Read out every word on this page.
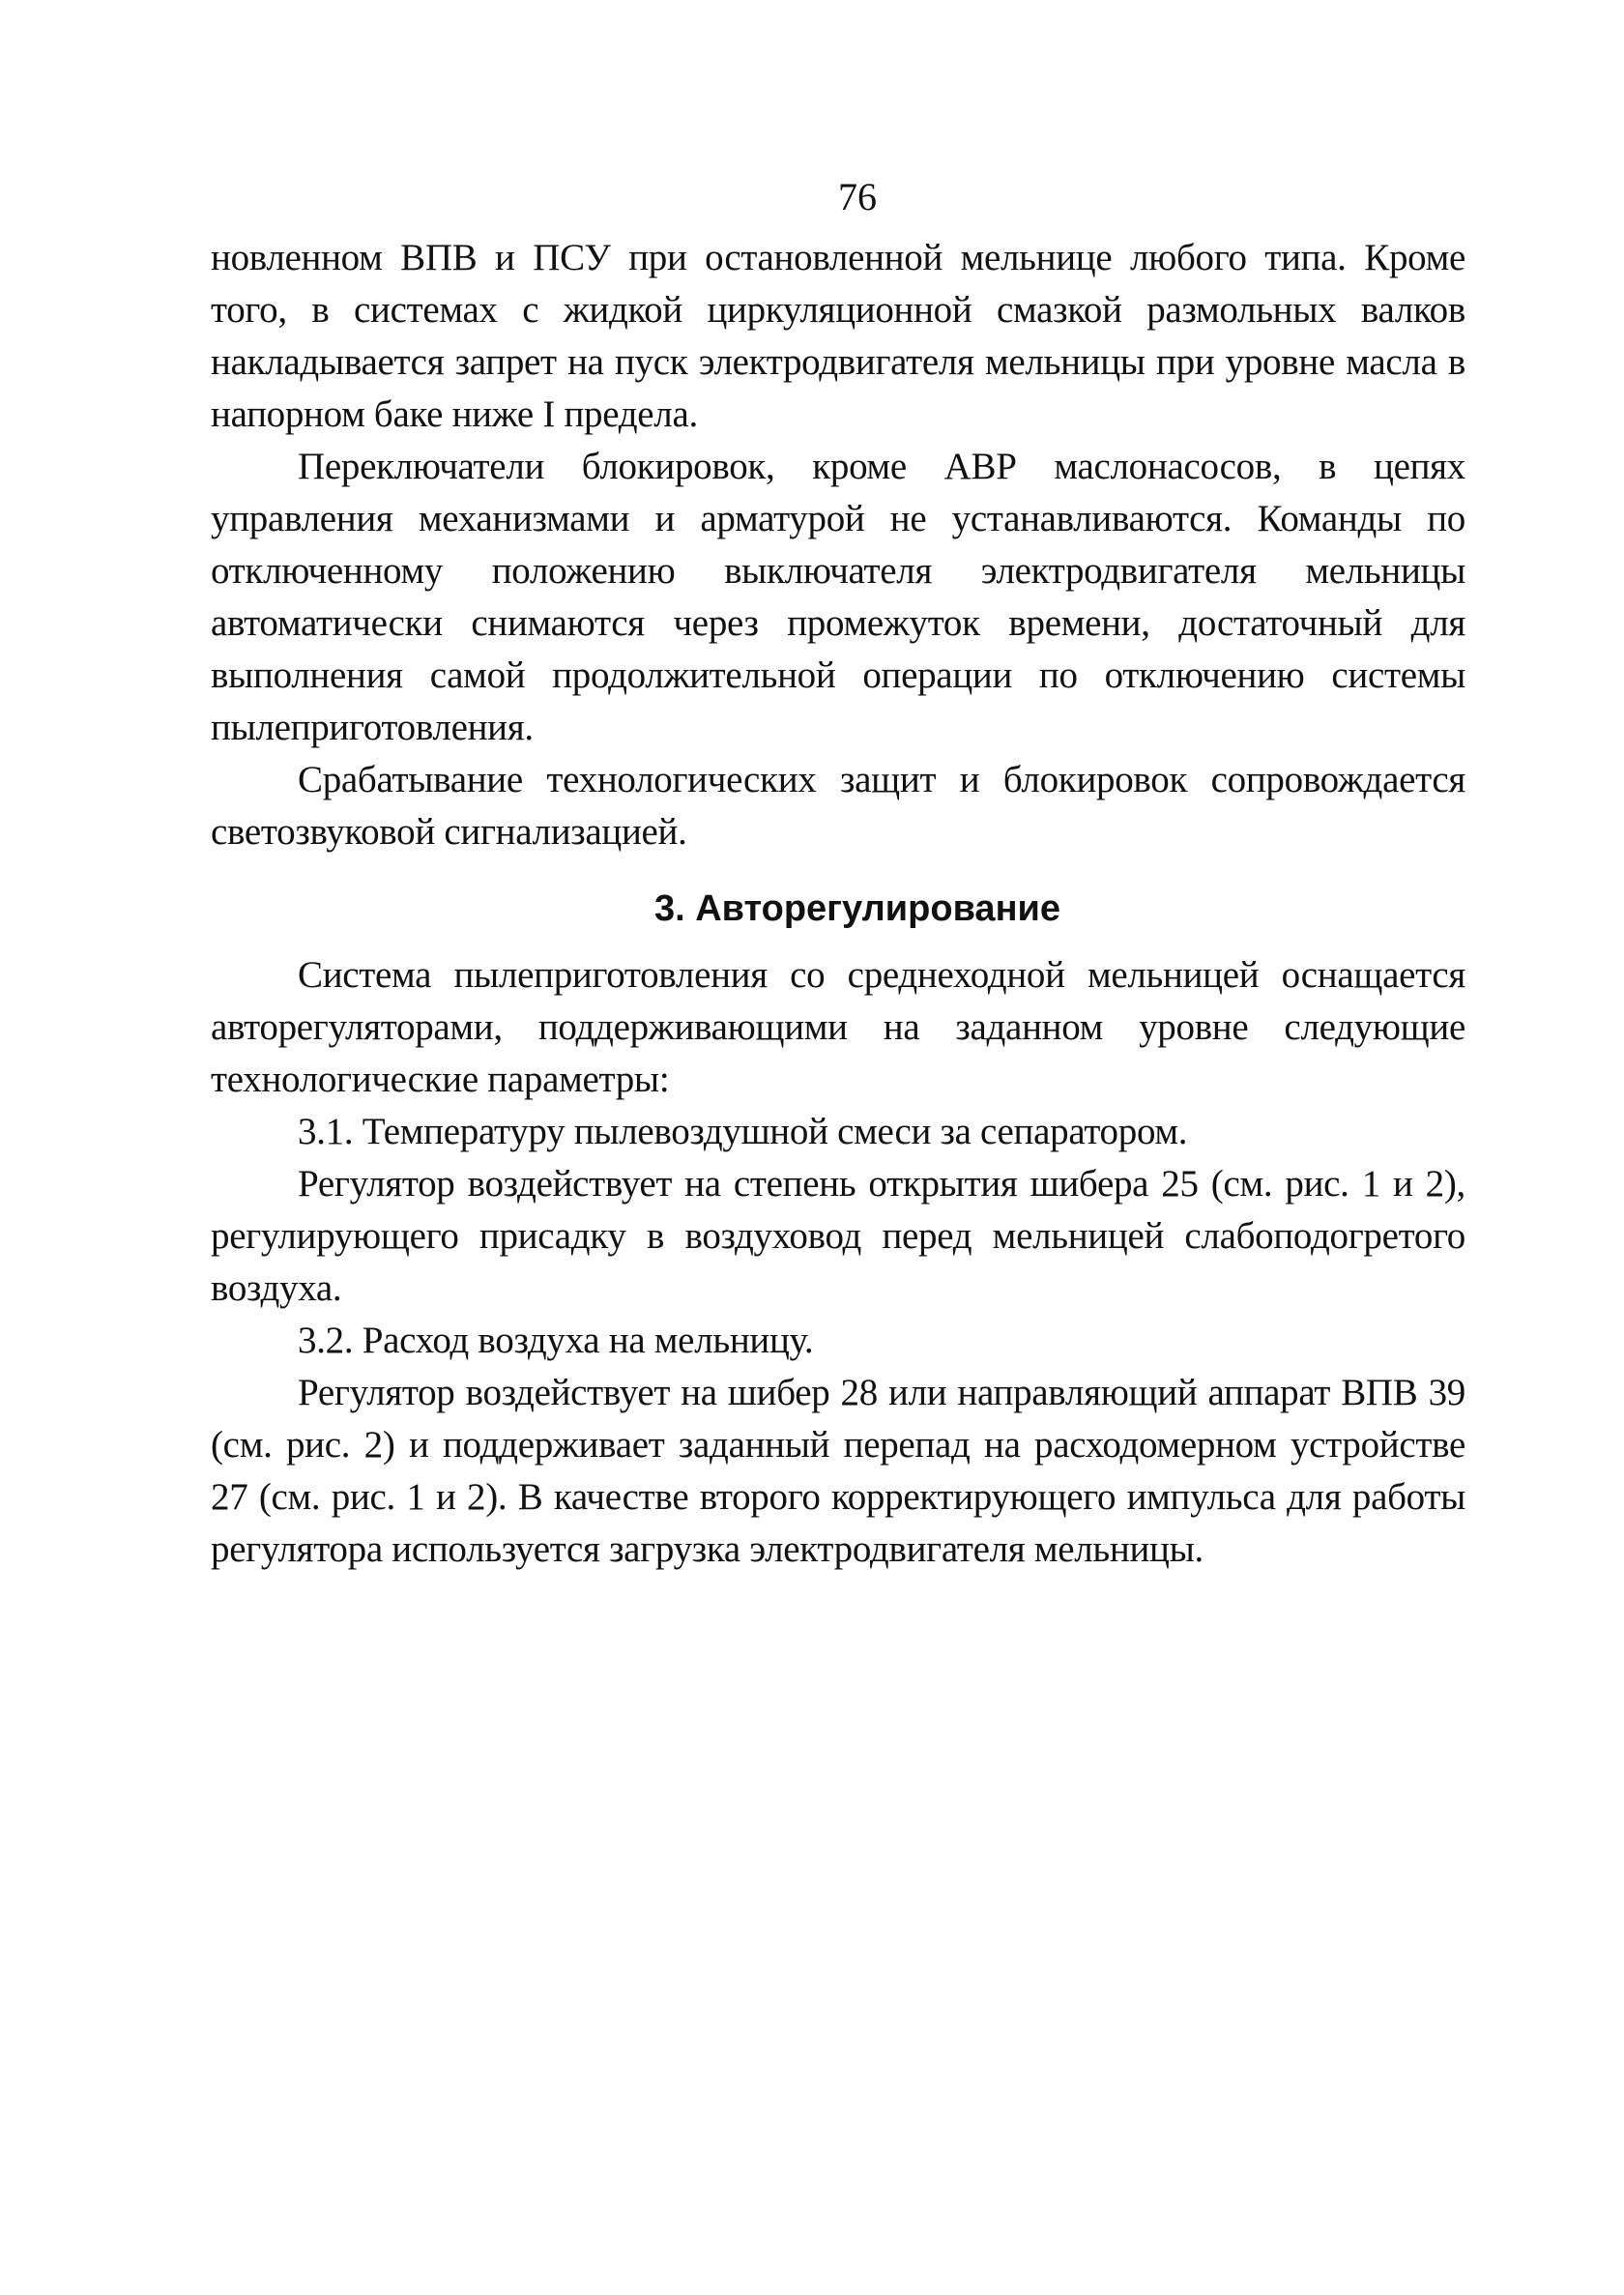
76

новленном ВПВ и ПСУ при остановленной мельнице любого типа. Кроме того, в системах с жидкой циркуляционной смазкой размольных валков накладывается запрет на пуск электродвигателя мельницы при уровне масла в напорном баке ниже I предела.

Переключатели блокировок, кроме АВР маслонасосов, в цепях управления механизмами и арматурой не устанавливаются. Команды по отключенному положению выключателя электродвигателя мельницы автоматически снимаются через промежуток времени, достаточный для выполнения самой продолжительной операции по отключению системы пылеприготовления.

Срабатывание технологических защит и блокировок сопровождается светозвуковой сигнализацией.

3. Авторегулирование

Система пылеприготовления со среднеходной мельницей оснащается авторегуляторами, поддерживающими на заданном уровне следующие технологические параметры:

3.1. Температуру пылевоздушной смеси за сепаратором.

Регулятор воздействует на степень открытия шибера 25 (см. рис. 1 и 2), регулирующего присадку в воздуховод перед мельницей слабоподогретого воздуха.

3.2. Расход воздуха на мельницу.

Регулятор воздействует на шибер 28 или направляющий аппарат ВПВ 39 (см. рис. 2) и поддерживает заданный перепад на расходомерном устройстве 27 (см. рис. 1 и 2). В качестве второго корректирующего импульса для работы регулятора используется загрузка электродвигателя мельницы.
